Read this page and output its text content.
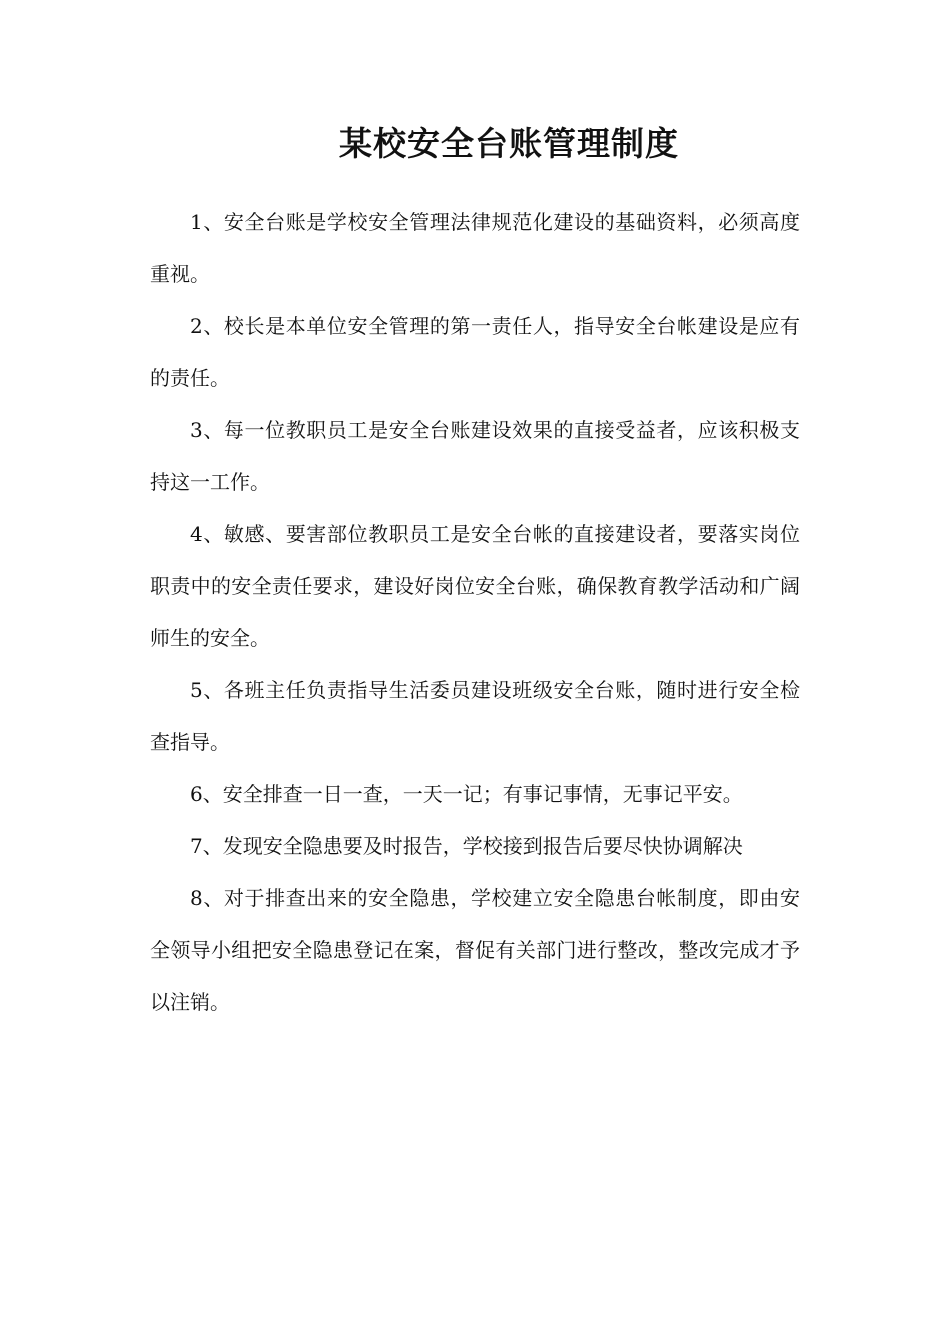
某校安全台账管理制度

1、安全台账是学校安全管理法律规范化建设的基础资料，必须高度重视。

2、校长是本单位安全管理的第一责任人，指导安全台帐建设是应有的责任。

3、每一位教职员工是安全台账建设效果的直接受益者，应该积极支持这一工作。

4、敏感、要害部位教职员工是安全台帐的直接建设者，要落实岗位职责中的安全责任要求，建设好岗位安全台账，确保教育教学活动和广阔师生的安全。

5、各班主任负责指导生活委员建设班级安全台账，随时进行安全检查指导。

6、安全排查一日一查，一天一记；有事记事情，无事记平安。

7、发现安全隐患要及时报告，学校接到报告后要尽快协调解决

8、对于排查出来的安全隐患，学校建立安全隐患台帐制度，即由安全领导小组把安全隐患登记在案，督促有关部门进行整改，整改完成才予以注销。
